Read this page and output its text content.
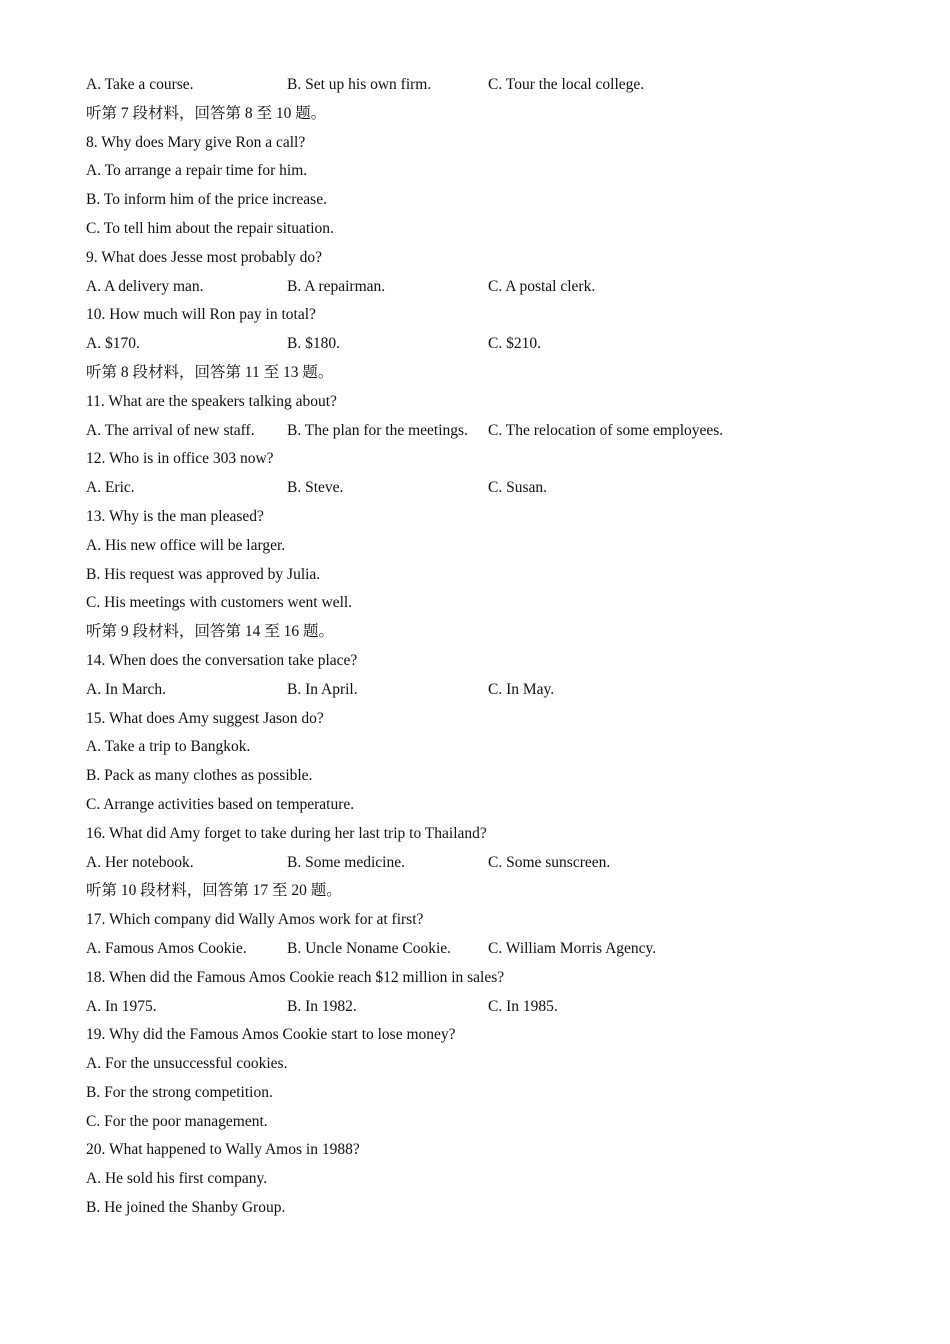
A. Take a course.	B. Set up his own firm.	C. Tour the local college.
听第 7 段材料，回答第 8 至 10 题。
8. Why does Mary give Ron a call?
A. To arrange a repair time for him.
B. To inform him of the price increase.
C. To tell him about the repair situation.
9. What does Jesse most probably do?
A. A delivery man.	B. A repairman.	C. A postal clerk.
10. How much will Ron pay in total?
A. $170.	B. $180.	C. $210.
听第 8 段材料，回答第 11 至 13 题。
11. What are the speakers talking about?
A. The arrival of new staff. B. The plan for the meetings. C. The relocation of some employees.
12. Who is in office 303 now?
A. Eric.	B. Steve.	C. Susan.
13. Why is the man pleased?
A. His new office will be larger.
B. His request was approved by Julia.
C. His meetings with customers went well.
听第 9 段材料，回答第 14 至 16 题。
14. When does the conversation take place?
A. In March.	B. In April.	C. In May.
15. What does Amy suggest Jason do?
A. Take a trip to Bangkok.
B. Pack as many clothes as possible.
C. Arrange activities based on temperature.
16. What did Amy forget to take during her last trip to Thailand?
A. Her notebook.	B. Some medicine.	C. Some sunscreen.
听第 10 段材料，回答第 17 至 20 题。
17. Which company did Wally Amos work for at first?
A. Famous Amos Cookie.	B. Uncle Noname Cookie. C. William Morris Agency.
18. When did the Famous Amos Cookie reach $12 million in sales?
A. In 1975.	B. In 1982.	C. In 1985.
19. Why did the Famous Amos Cookie start to lose money?
A. For the unsuccessful cookies.
B. For the strong competition.
C. For the poor management.
20. What happened to Wally Amos in 1988?
A. He sold his first company.
B. He joined the Shanby Group.
